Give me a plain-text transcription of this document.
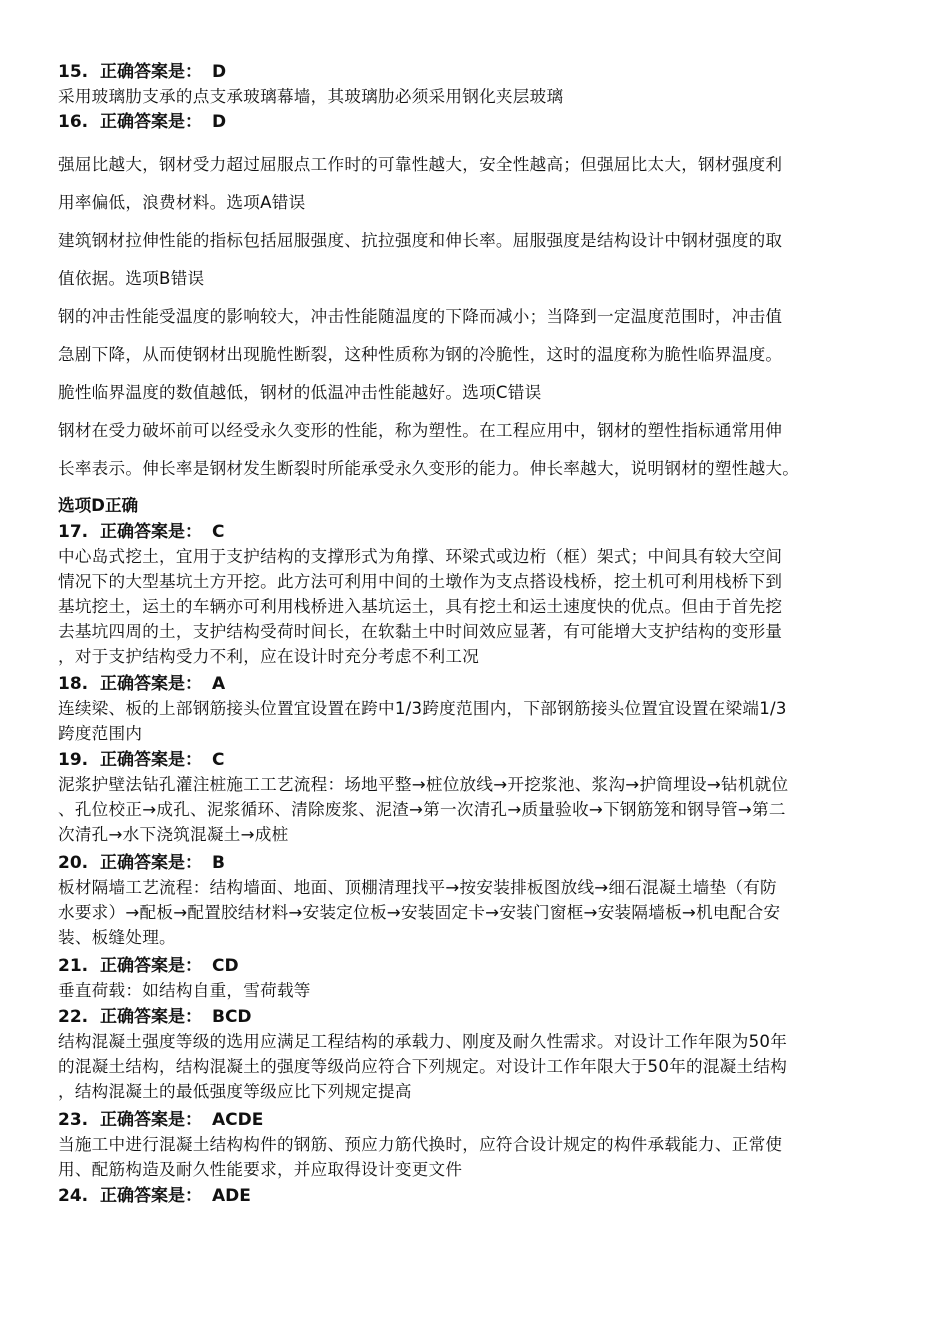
15. 正确答案是： D
采用玻璃肋支承的点支承玻璃幕墙，其玻璃肋必须采用钢化夹层玻璃
16. 正确答案是： D
强屈比越大，钢材受力超过屈服点工作时的可靠性越大，安全性越高；但强屈比太大，钢材强度利
用率偏低，浪费材料。选项A错误
建筑钢材拉伸性能的指标包括屈服强度、抗拉强度和伸长率。屈服强度是结构设计中钢材强度的取
值依据。选项B错误
钢的冲击性能受温度的影响较大，冲击性能随温度的下降而减小；当降到一定温度范围时，冲击值
急剧下降，从而使钢材出现脆性断裂，这种性质称为钢的冷脆性，这时的温度称为脆性临界温度。
脆性临界温度的数值越低，钢材的低温冲击性能越好。选项C错误
钢材在受力破坏前可以经受永久变形的性能，称为塑性。在工程应用中，钢材的塑性指标通常用伸
长率表示。伸长率是钢材发生断裂时所能承受永久变形的能力。伸长率越大，说明钢材的塑性越大。
选项D正确
17. 正确答案是： C
中心岛式挖土，宜用于支护结构的支撑形式为角撑、环梁式或边桁（框）架式；中间具有较大空间
情况下的大型基坑土方开挖。此方法可利用中间的土墩作为支点搭设栈桥，挖土机可利用栈桥下到
基坑挖土，运土的车辆亦可利用栈桥进入基坑运土，具有挖土和运土速度快的优点。但由于首先挖
去基坑四周的土，支护结构受荷时间长，在软黏土中时间效应显著，有可能增大支护结构的变形量
，对于支护结构受力不利，应在设计时充分考虑不利工况
18. 正确答案是： A
连续梁、板的上部钢筋接头位置宜设置在跨中1/3跨度范围内，下部钢筋接头位置宜设置在梁端1/3
跨度范围内
19. 正确答案是： C
泥浆护壁法钻孔灌注桩施工工艺流程：场地平整→桩位放线→开挖浆池、浆沟→护筒埋设→钻机就位
、孔位校正→成孔、泥浆循环、清除废浆、泥渣→第一次清孔→质量验收→下钢筋笼和钢导管→第二
次清孔→水下浇筑混凝土→成桩
20. 正确答案是： B
板材隔墙工艺流程：结构墙面、地面、顶棚清理找平→按安装排板图放线→细石混凝土墙垫（有防
水要求）→配板→配置胶结材料→安装定位板→安装固定卡→安装门窗框→安装隔墙板→机电配合安
装、板缝处理。
21. 正确答案是： CD
垂直荷载：如结构自重，雪荷载等
22. 正确答案是： BCD
结构混凝土强度等级的选用应满足工程结构的承载力、刚度及耐久性需求。对设计工作年限为50年
的混凝土结构，结构混凝土的强度等级尚应符合下列规定。对设计工作年限大于50年的混凝土结构
，结构混凝土的最低强度等级应比下列规定提高
23. 正确答案是： ACDE
当施工中进行混凝土结构构件的钢筋、预应力筋代换时，应符合设计规定的构件承载能力、正常使
用、配筋构造及耐久性能要求，并应取得设计变更文件
24. 正确答案是： ADE
